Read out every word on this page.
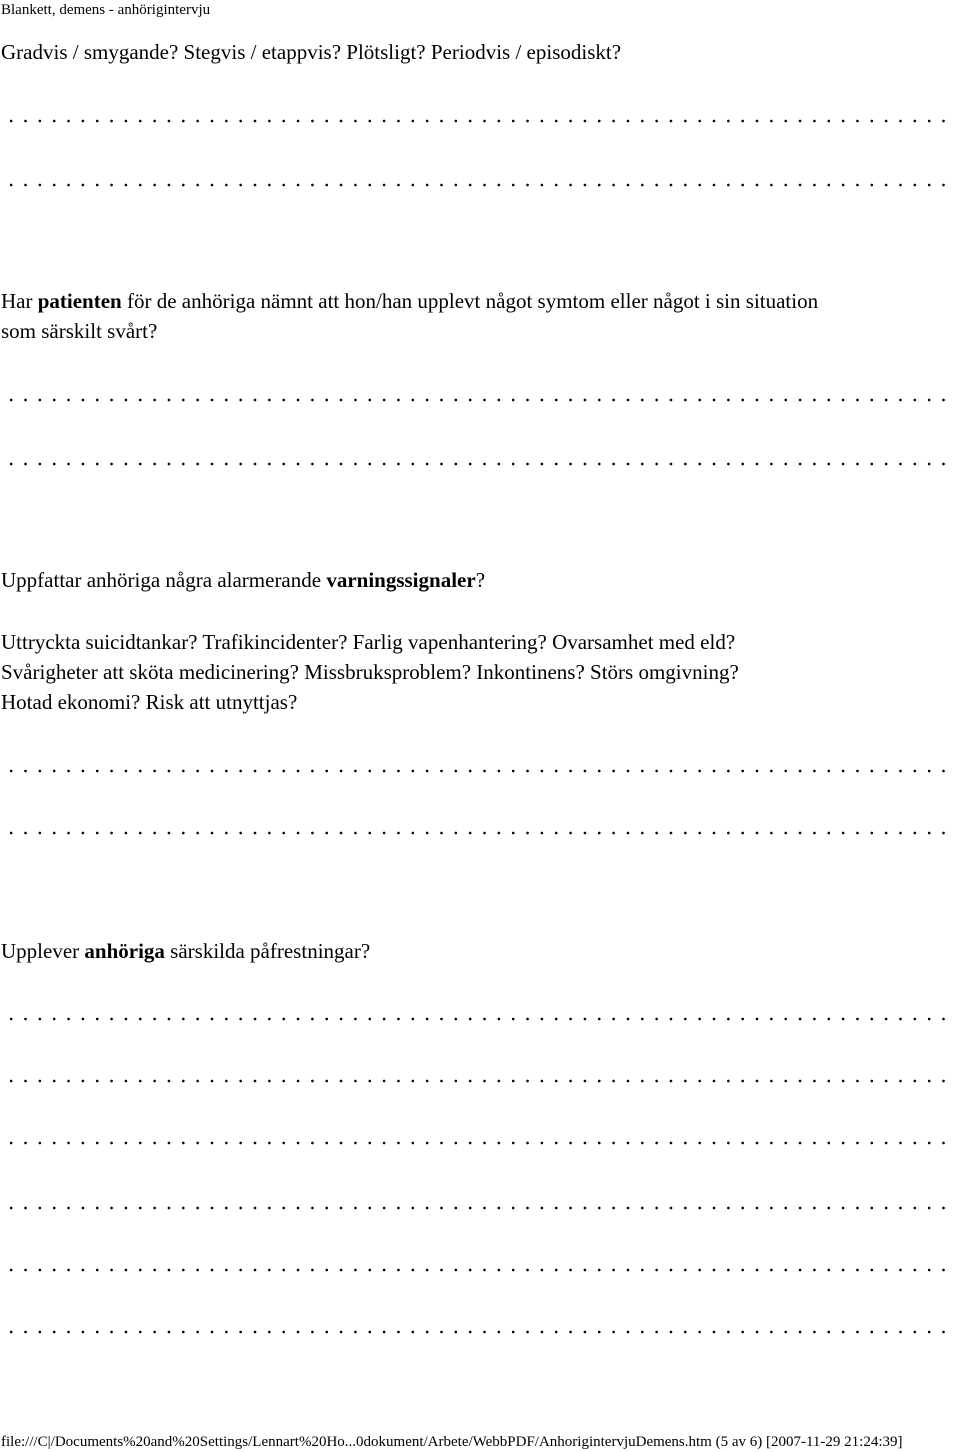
Blankett, demens - anhörigintervju
Gradvis / smygande? Stegvis / etappvis? Plötsligt? Periodvis / episodiskt?
Har patienten för de anhöriga nämnt att hon/han upplevt något symtom eller något i sin situation
som särskilt svårt?
Uppfattar anhöriga några alarmerande varningssignaler?
Uttryckta suicidtankar? Trafikincidenter? Farlig vapenhantering? Ovarsamhet med eld?
Svårigheter att sköta medicinering? Missbruksproblem? Inkontinens? Störs omgivning?
Hotad ekonomi? Risk att utnyttjas?
Upplever anhöriga särskilda påfrestningar?
file:///C|/Documents%20and%20Settings/Lennart%20Ho...0dokument/Arbete/WebbPDF/AnhorigintervjuDemens.htm (5 av 6) [2007-11-29 21:24:39]
